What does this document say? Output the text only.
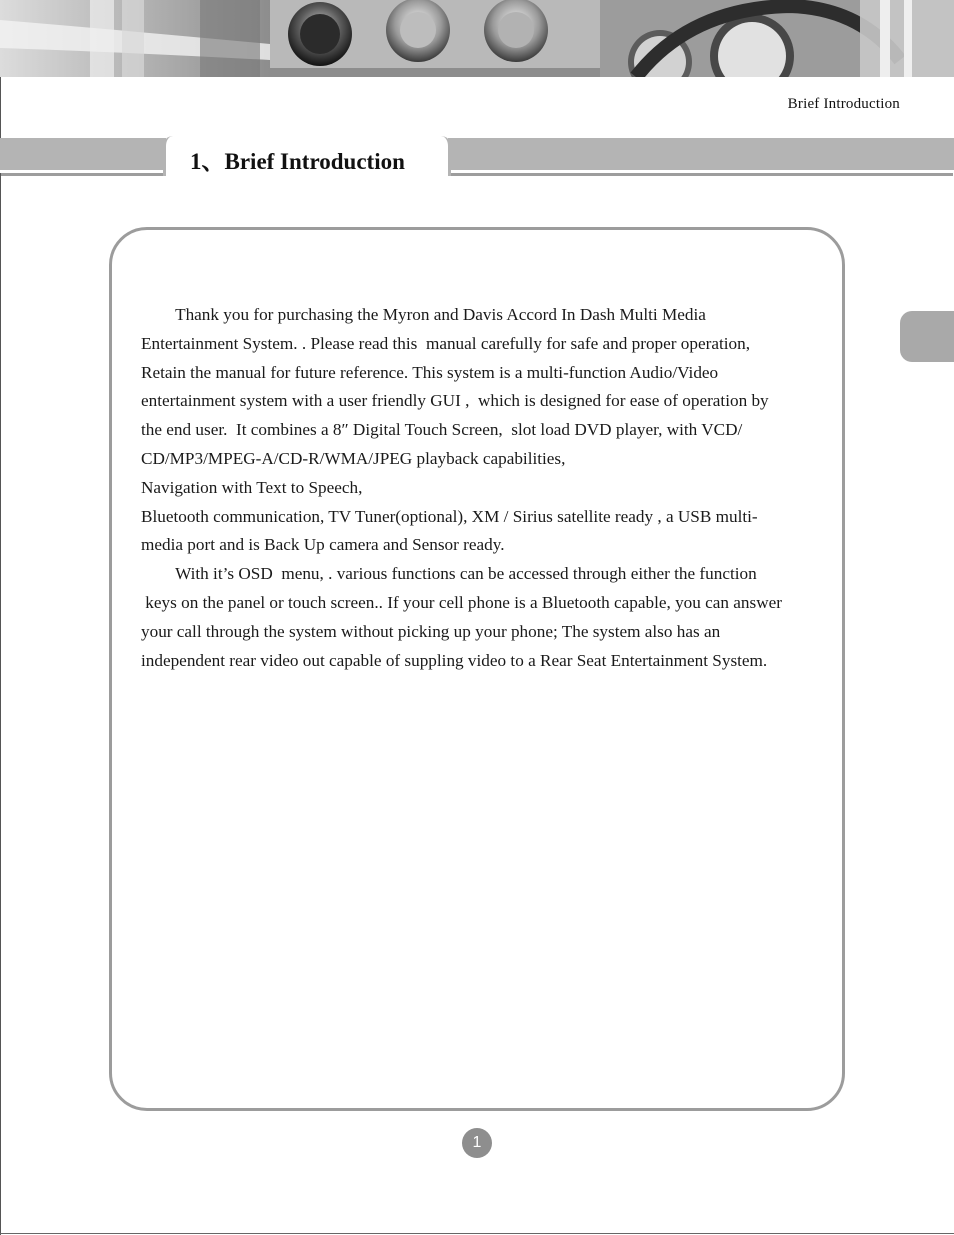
Brief Introduction
1、Brief Introduction
Thank you for purchasing the Myron and Davis Accord In Dash Multi Media
Entertainment System. . Please read this  manual carefully for safe and proper operation,
Retain the manual for future reference. This system is a multi-function Audio/Video
entertainment system with a user friendly GUI ,  which is designed for ease of operation by
the end user.  It combines a 8″ Digital Touch Screen,  slot load DVD player, with VCD/
CD/MP3/MPEG-A/CD-R/WMA/JPEG playback capabilities,
Navigation with Text to Speech,
Bluetooth communication, TV Tuner(optional), XM / Sirius satellite ready , a USB multi-
media port and is Back Up camera and Sensor ready.
With it’s OSD  menu, . various functions can be accessed through either the function
keys on the panel or touch screen.. If your cell phone is a Bluetooth capable, you can answer
your call through the system without picking up your phone; The system also has an
independent rear video out capable of suppling video to a Rear Seat Entertainment System.
1
